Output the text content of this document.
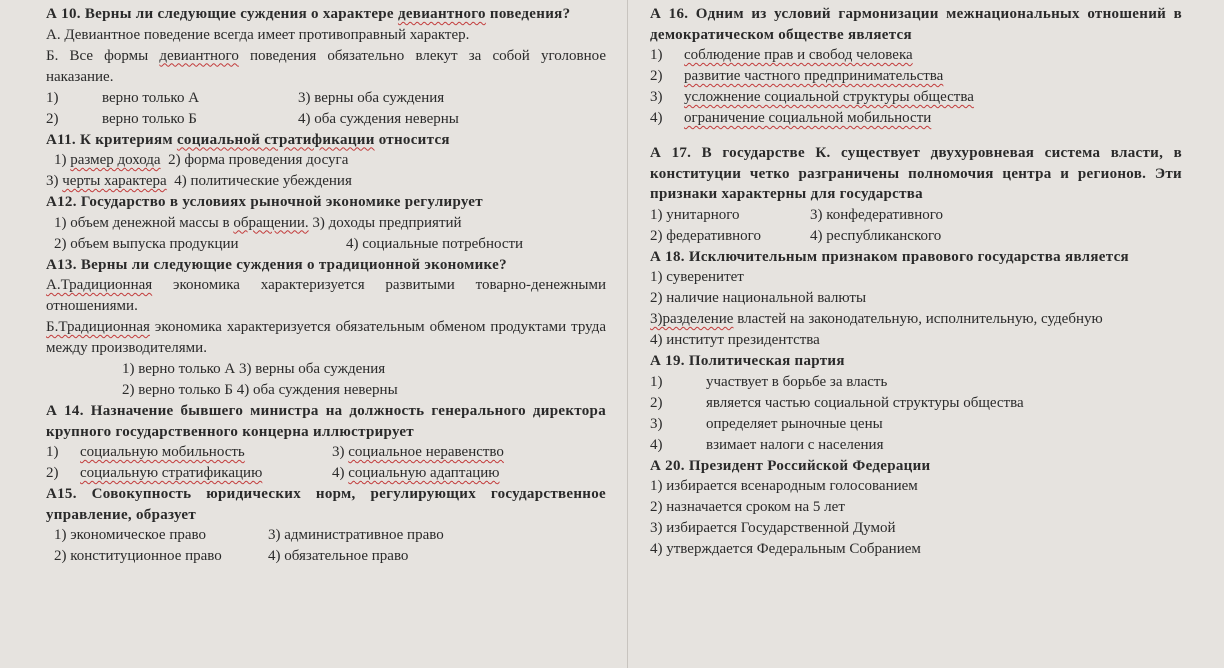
А 10. Верны ли следующие суждения о характере девиантного поведения?
А. Девиантное поведение всегда имеет противоправный характер.
Б. Все формы девиантного поведения обязательно влекут за собой уголовное наказание.
1)	верно только А	3) верны оба суждения
2)	верно только Б	4) оба суждения неверны
А11. К критериям социальной стратификации относится
1) размер дохода 2) форма проведения досуга
3) черты характера 4) политические убеждения
А12. Государство в условиях рыночной экономике регулирует
1) объем денежной массы в обращении. 3) доходы предприятий
2) объем выпуска продукции	4) социальные потребности
А13. Верны ли следующие суждения о традиционной экономике?
А.Традиционная экономика характеризуется развитыми товарно-денежными отношениями.
Б.Традиционная экономика характеризуется обязательным обменом продуктами труда между производителями.
1) верно только А 3) верны оба суждения
2) верно только Б 4) оба суждения неверны
А 14. Назначение бывшего министра на должность генерального директора крупного государственного концерна иллюстрирует
1) социальную мобильность	3) социальное неравенство
2) социальную стратификацию	4) социальную адаптацию
А15. Совокупность юридических норм, регулирующих государственное управление, образует
1) экономическое право	3) административное право
2) конституционное право	4) обязательное право
А 16. Одним из условий гармонизации межнациональных отношений в демократическом обществе является
1) соблюдение прав и свобод человека
2) развитие частного предпринимательства
3) усложнение социальной структуры общества
4) ограничение социальной мобильности
А 17. В государстве К. существует двухуровневая система власти, в конституции четко разграничены полномочия центра и регионов. Эти признаки характерны для государства
1) унитарного	3) конфедеративного
2) федеративного	4) республиканского
А 18. Исключительным признаком правового государства является
1) суверенитет
2) наличие национальной валюты
3)разделение властей на законодательную, исполнительную, судебную
4) институт президентства
А 19. Политическая партия
1)	участвует в борьбе за власть
2)	является частью социальной структуры общества
3)	определяет рыночные цены
4)	взимает налоги с населения
А 20. Президент Российской Федерации
1) избирается всенародным голосованием
2) назначается сроком на 5 лет
3) избирается Государственной Думой
4) утверждается Федеральным Собранием
